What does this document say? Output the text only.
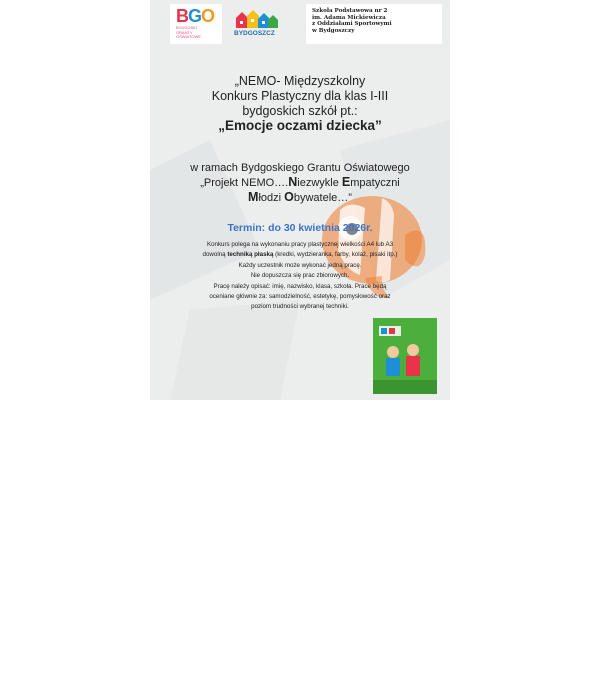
BGO
BYDGOSKI
GRANTY
OŚWIATOWE	BYDGOSZCZ
Szkoła Podstawowa nr 2
im. Adama Mickiewicza
z Oddziałami Sportowymi
w Bydgoszczy
„NEMO- Międzyszkolny
Konkurs Plastyczny dla klas I-III
bydgoskich szkół pt.:
„Emocje oczami dziecka”
w ramach Bydgoskiego Grantu Oświatowego
„Projekt NEMO….Niezwykle Empatyczni
Młodzi Obywatele…”
Termin: do 30 kwietnia 2026r.

Konkurs polega na wykonaniu pracy plastycznej wielkości A4 lub A3

dowolną techniką płaską (kredki, wydzieranka, farby, kolaż, pisaki itp.)

Każdy uczestnik może wykonać jedną pracę.

Nie dopuszcza się prac zbiorowych.

Pracę należy opisać: imię, nazwisko, klasa, szkoła. Prace będą

oceniane głównie za: samodzielność, estetykę, pomysłowość oraz

poziom trudności wybranej techniki.

ETYKA
